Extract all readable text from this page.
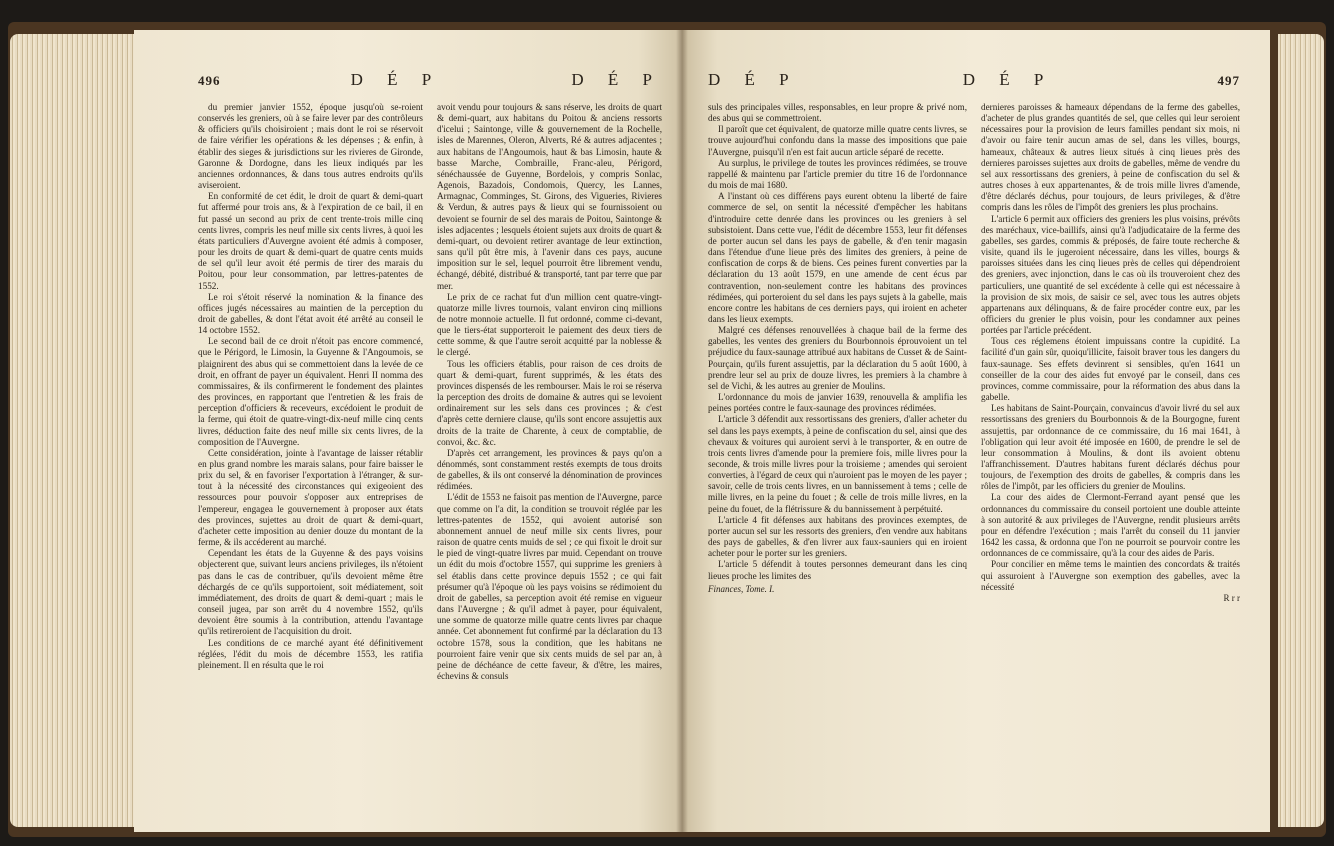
496	D É P	D É P

du premier janvier 1552, époque jusqu'où se-roient conservés les greniers, où à se faire lever par des contrôleurs & officiers qu'ils choisiroient ; mais dont le roi se réservoit de faire vérifier les opérations & les dépenses ; & enfin, à établir des sieges & jurisdictions sur les rivieres de Gironde, Garonne & Dordogne, dans les lieux indiqués par les anciennes ordonnances, & dans tous autres endroits qu'ils aviseroient.

En conformité de cet édit, le droit de quart & demi-quart fut affermé pour trois ans, & à l'expiration de ce bail, il en fut passé un second au prix de cent trente-trois mille cinq cents livres, compris les neuf mille six cents livres, à quoi les états particuliers d'Auvergne avoient été admis à composer, pour les droits de quart & demi-quart de quatre cents muids de sel qu'il leur avoit été permis de tirer des marais du Poitou, pour leur consommation, par lettres-patentes de 1552.

Le roi s'étoit réservé la nomination & la finance des offices jugés nécessaires au maintien de la perception du droit de gabelles, & dont l'état avoit été arrêté au conseil le 14 octobre 1552.

Le second bail de ce droit n'étoit pas encore commencé, que le Périgord, le Limosin, la Guyenne & l'Angoumois, se plaignirent des abus qui se commettoient dans la levée de ce droit, en offrant de payer un équivalent. Henri II nomma des commissaires, & ils confirmerent le fondement des plaintes des provinces, en rapportant que l'entretien & les frais de perception d'officiers & receveurs, excédoient le produit de la ferme, qui étoit de quatre-vingt-dix-neuf mille cinq cents livres, déduction faite des neuf mille six cents livres, de la composition de l'Auvergne.

Cette considération, jointe à l'avantage de laisser rétablir en plus grand nombre les marais salans, pour faire baisser le prix du sel, & en favoriser l'exportation à l'étranger, & sur-tout à la nécessité des circonstances qui exigeoient des ressources pour pouvoir s'opposer aux entreprises de l'empereur, engagea le gouvernement à proposer aux états des provinces, sujettes au droit de quart & demi-quart, d'acheter cette imposition au denier douze du montant de la ferme, & ils accéderent au marché.

Cependant les états de la Guyenne & des pays voisins objecterent que, suivant leurs anciens privileges, ils n'étoient pas dans le cas de contribuer, qu'ils devoient même être déchargés de ce qu'ils supportoient, soit médiatement, soit immédiatement, des droits de quart & demi-quart ; mais le conseil jugea, par son arrêt du 4 novembre 1552, qu'ils devoient être soumis à la contribution, attendu l'avantage qu'ils retireroient de l'acquisition du droit.

Les conditions de ce marché ayant été définitivement réglées, l'édit du mois de décembre 1553, les ratifia pleinement. Il en résulta que le roi

avoit vendu pour toujours & sans réserve, les droits de quart & demi-quart, aux habitans du Poitou & anciens ressorts d'icelui ; Saintonge, ville & gouvernement de la Rochelle, isles de Marennes, Oleron, Alverts, Ré & autres adjacentes ; aux habitans de l'Angoumois, haut & bas Limosin, haute & basse Marche, Combraille, Franc-aleu, Périgord, sénéchaussée de Guyenne, Bordelois, y compris Sonlac, Agenois, Bazadois, Condomois, Quercy, les Lannes, Armagnac, Comminges, St. Girons, des Vigueries, Rivieres & Verdun, & autres pays & lieux qui se fournissoient ou devoient se fournir de sel des marais de Poitou, Saintonge & isles adjacentes ; lesquels étoient sujets aux droits de quart & demi-quart, ou devoient retirer avantage de leur extinction, sans qu'il pût être mis, à l'avenir dans ces pays, aucune imposition sur le sel, lequel pourroit être librement vendu, échangé, débité, distribué & transporté, tant par terre que par mer.

Le prix de ce rachat fut d'un million cent quatre-vingt-quatorze mille livres tournois, valant environ cinq millions de notre monnoie actuelle. Il fut ordonné, comme ci-devant, que le tiers-état supporteroit le paiement des deux tiers de cette somme, & que l'autre seroit acquitté par la noblesse & le clergé.

Tous les officiers établis, pour raison de ces droits de quart & demi-quart, furent supprimés, & les états des provinces dispensés de les rembourser. Mais le roi se réserva la perception des droits de domaine & autres qui se levoient ordinairement sur les sels dans ces provinces ; & c'est d'après cette derniere clause, qu'ils sont encore assujettis aux droits de la traite de Charente, à ceux de comptablie, de convoi, &c. &c.

D'après cet arrangement, les provinces & pays qu'on a dénommés, sont constamment restés exempts de tous droits de gabelles, & ils ont conservé la dénomination de provinces rédimées.

L'édit de 1553 ne faisoit pas mention de l'Auvergne, parce que comme on l'a dit, la condition se trouvoit réglée par les lettres-patentes de 1552, qui avoient autorisé son abonnement annuel de neuf mille six cents livres, pour raison de quatre cents muids de sel ; ce qui fixoit le droit sur le pied de vingt-quatre livres par muid. Cependant on trouve un édit du mois d'octobre 1557, qui supprime les greniers à sel établis dans cette province depuis 1552 ; ce qui fait présumer qu'à l'époque où les pays voisins se rédimoient du droit de gabelles, sa perception avoit été remise en vigueur dans l'Auvergne ; & qu'il admet à payer, pour équivalent, une somme de quatorze mille quatre cents livres par chaque année. Cet abonnement fut confirmé par la déclaration du 13 octobre 1578, sous la condition, que les habitans ne pourroient faire venir que six cents muids de sel par an, à peine de déchéance de cette faveur, & d'être, les maires, échevins & consuls

D É P	D É P	497

suls des principales villes, responsables, en leur propre & privé nom, des abus qui se commettroient.

Il paroît que cet équivalent, de quatorze mille quatre cents livres, se trouve aujourd'hui confondu dans la masse des impositions que paie l'Auvergne, puisqu'il n'en est fait aucun article séparé de recette.

Au surplus, le privilege de toutes les provinces rédimées, se trouve rappellé & maintenu par l'article premier du titre 16 de l'ordonnance du mois de mai 1680.

A l'instant où ces différens pays eurent obtenu la liberté de faire commerce de sel, on sentit la nécessité d'empêcher les habitans d'introduire cette denrée dans les provinces ou les greniers à sel subsistoient. Dans cette vue, l'édit de décembre 1553, leur fit défenses de porter aucun sel dans les pays de gabelle, & d'en tenir magasin dans l'étendue d'une lieue près des limites des greniers, à peine de confiscation de corps & de biens. Ces peines furent converties par la déclaration du 13 août 1579, en une amende de cent écus par contravention, non-seulement contre les habitans des provinces rédimées, qui porteroient du sel dans les pays sujets à la gabelle, mais encore contre les habitans de ces derniers pays, qui iroient en acheter dans les lieux exempts.

Malgré ces défenses renouvellées à chaque bail de la ferme des gabelles, les ventes des greniers du Bourbonnois éprouvoient un tel préjudice du faux-saunage attribué aux habitans de Cusset & de Saint-Pourçain, qu'ils furent assujettis, par la déclaration du 5 août 1600, à prendre leur sel au prix de douze livres, les premiers à la chambre à sel de Vichi, & les autres au grenier de Moulins.

L'ordonnance du mois de janvier 1639, renouvella & amplifia les peines portées contre le faux-saunage des provinces rédimées.

L'article 3 défendit aux ressortissans des greniers, d'aller acheter du sel dans les pays exempts, à peine de confiscation du sel, ainsi que des chevaux & voitures qui auroient servi à le transporter, & en outre de trois cents livres d'amende pour la premiere fois, mille livres pour la seconde, & trois mille livres pour la troisieme ; amendes qui seroient converties, à l'égard de ceux qui n'auroient pas le moyen de les payer ; savoir, celle de trois cents livres, en un bannissement à tems ; celle de mille livres, en la peine du fouet ; & celle de trois mille livres, en la peine du fouet, de la flétrissure & du bannissement à perpétuité.

L'article 4 fit défenses aux habitans des provinces exemptes, de porter aucun sel sur les ressorts des greniers, d'en vendre aux habitans des pays de gabelles, & d'en livrer aux faux-sauniers qui en iroient acheter pour le porter sur les greniers.

L'article 5 défendit à toutes personnes demeurant dans les cinq lieues proche les limites des

Finances, Tome. I.

dernieres paroisses & hameaux dépendans de la ferme des gabelles, d'acheter de plus grandes quantités de sel, que celles qui leur seroient nécessaires pour la provision de leurs familles pendant six mois, ni d'avoir ou faire tenir aucun amas de sel, dans les villes, bourgs, hameaux, châteaux & autres lieux situés à cinq lieues près des dernieres paroisses sujettes aux droits de gabelles, même de vendre du sel aux ressortissans des greniers, à peine de confiscation du sel & autres choses à eux appartenantes, & de trois mille livres d'amende, d'être déclarés déchus, pour toujours, de leurs privileges, & d'être compris dans les rôles de l'impôt des greniers les plus prochains.

L'article 6 permit aux officiers des greniers les plus voisins, prévôts des maréchaux, vice-baillifs, ainsi qu'à l'adjudicataire de la ferme des gabelles, ses gardes, commis & préposés, de faire toute recherche & visite, quand ils le jugeroient nécessaire, dans les villes, bourgs & paroisses situées dans les cinq lieues près de celles qui dépendroient des greniers, avec injonction, dans le cas où ils trouveroient chez des particuliers, une quantité de sel excédente à celle qui est nécessaire à la provision de six mois, de saisir ce sel, avec tous les autres objets appartenans aux délinquans, & de faire procéder contre eux, par les officiers du grenier le plus voisin, pour les condamner aux peines portées par l'article précédent.

Tous ces réglemens étoient impuissans contre la cupidité. La facilité d'un gain sûr, quoiqu'illicite, faisoit braver tous les dangers du faux-saunage. Ses effets devinrent si sensibles, qu'en 1641 un conseiller de la cour des aides fut envoyé par le conseil, dans ces provinces, comme commissaire, pour la réformation des abus dans la gabelle.

Les habitans de Saint-Pourçain, convaincus d'avoir livré du sel aux ressortissans des greniers du Bourbonnois & de la Bourgogne, furent assujettis, par ordonnance de ce commissaire, du 16 mai 1641, à l'obligation qui leur avoit été imposée en 1600, de prendre le sel de leur consommation à Moulins, & dont ils avoient obtenu l'affranchissement. D'autres habitans furent déclarés déchus pour toujours, de l'exemption des droits de gabelles, & compris dans les rôles de l'impôt, par les officiers du grenier de Moulins.

La cour des aides de Clermont-Ferrand ayant pensé que les ordonnances du commissaire du conseil portoient une double atteinte à son autorité & aux privileges de l'Auvergne, rendit plusieurs arrêts pour en défendre l'exécution ; mais l'arrêt du conseil du 11 janvier 1642 les cassa, & ordonna que l'on ne pourroit se pourvoir contre les ordonnances de ce commissaire, qu'à la cour des aides de Paris.

Pour concilier en même tems le maintien des concordats & traités qui assuroient à l'Auvergne son exemption des gabelles, avec la nécessité

R r r
